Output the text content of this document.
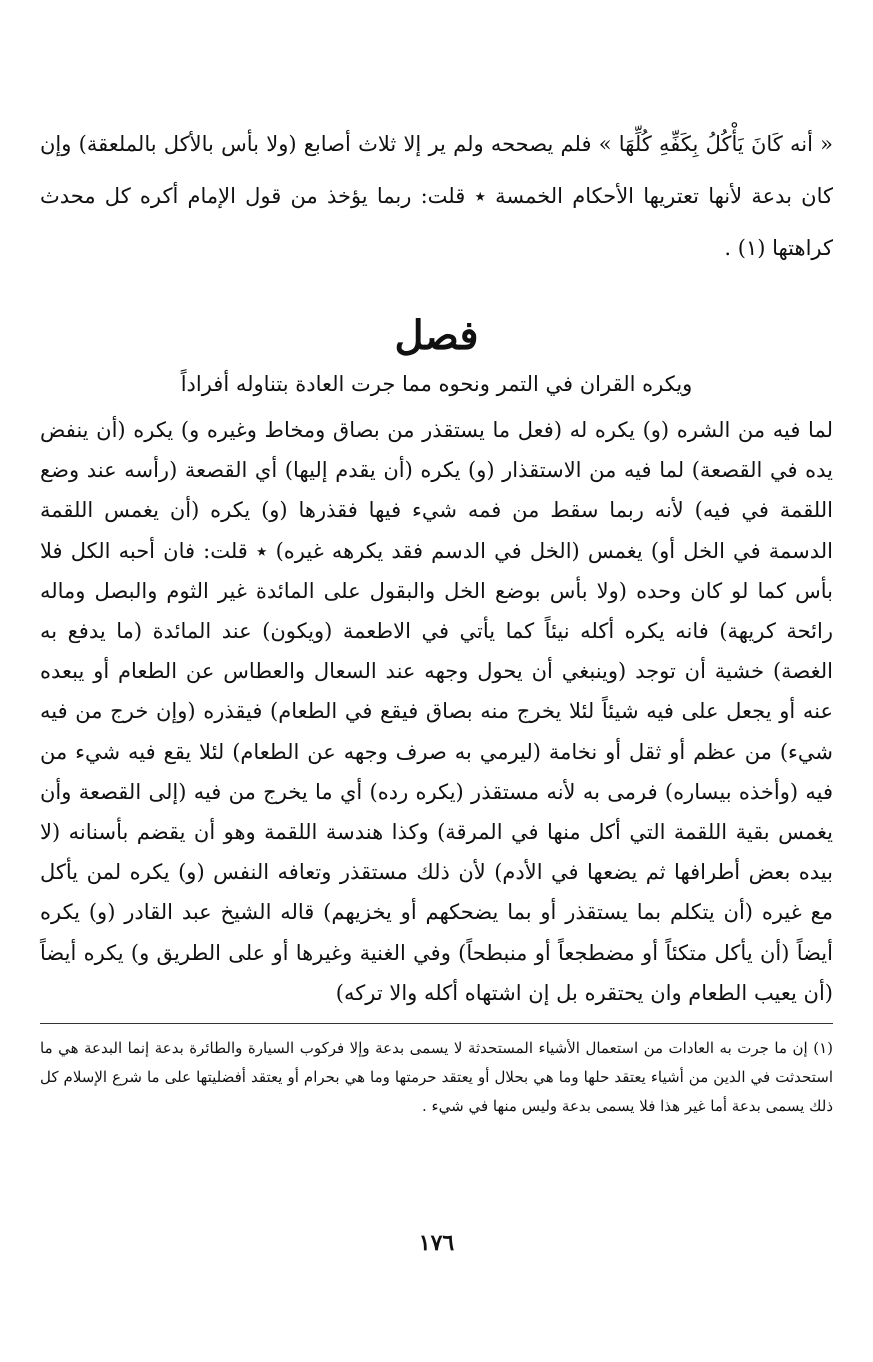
« أنه كَانَ يَأْكُلُ بِكَفِّهِ كُلِّهَا » فلم يصححه ولم ير إلا ثلاث أصابع (ولا بأس بالأكل بالملعقة) وإن كان بدعة لأنها تعتريها الأحكام الخمسة ٭ قلت: ربما يؤخذ من قول الإمام أكره كل محدث كراهتها (١) .

فصل
ويكره القران في التمر ونحوه مما جرت العادة بتناوله أفراداً

لما فيه من الشره (و) يكره له (فعل ما يستقذر من بصاق ومخاط وغيره و) يكره (أن ينفض يده في القصعة) لما فيه من الاستقذار (و) يكره (أن يقدم إليها) أي القصعة (رأسه عند وضع اللقمة في فيه) لأنه ربما سقط من فمه شيء فيها فقذرها (و) يكره (أن يغمس اللقمة الدسمة في الخل أو) يغمس (الخل في الدسم فقد يكرهه غيره) ٭ قلت: فان أحبه الكل فلا بأس كما لو كان وحده (ولا بأس بوضع الخل والبقول على المائدة غير الثوم والبصل وماله رائحة كريهة) فانه يكره أكله نيئاً كما يأتي في الاطعمة (ويكون) عند المائدة (ما يدفع به الغصة) خشية أن توجد (وينبغي أن يحول وجهه عند السعال والعطاس عن الطعام أو يبعده عنه أو يجعل على فيه شيئاً لئلا يخرج منه بصاق فيقع في الطعام) فيقذره (وإن خرج من فيه شيء) من عظم أو ثقل أو نخامة (ليرمي به صرف وجهه عن الطعام) لئلا يقع فيه شيء من فيه (وأخذه بيساره) فرمى به لأنه مستقذر (يكره رده) أي ما يخرج من فيه (إلى القصعة وأن يغمس بقية اللقمة التي أكل منها في المرقة) وكذا هندسة اللقمة وهو أن يقضم بأسنانه (لا بيده بعض أطرافها ثم يضعها في الأدم) لأن ذلك مستقذر وتعافه النفس (و) يكره لمن يأكل مع غيره (أن يتكلم بما يستقذر أو بما يضحكهم أو يخزيهم) قاله الشيخ عبد القادر (و) يكره أيضاً (أن يأكل متكئاً أو مضطجعاً أو منبطحاً) وفي الغنية وغيرها أو على الطريق و) يكره أيضاً (أن يعيب الطعام وان يحتقره بل إن اشتهاه أكله والا تركه)

(١) إن ما جرت به العادات من استعمال الأشياء المستحدثة لا يسمى بدعة وإلا فركوب السيارة والطائرة بدعة إنما البدعة هي ما استحدثت في الدين من أشياء يعتقد حلها وما هي بحلال أو يعتقد حرمتها وما هي بحرام أو يعتقد أفضليتها على ما شرع الإسلام كل ذلك يسمى بدعة أما غير هذا فلا يسمى بدعة وليس منها في شيء .

١٧٦
